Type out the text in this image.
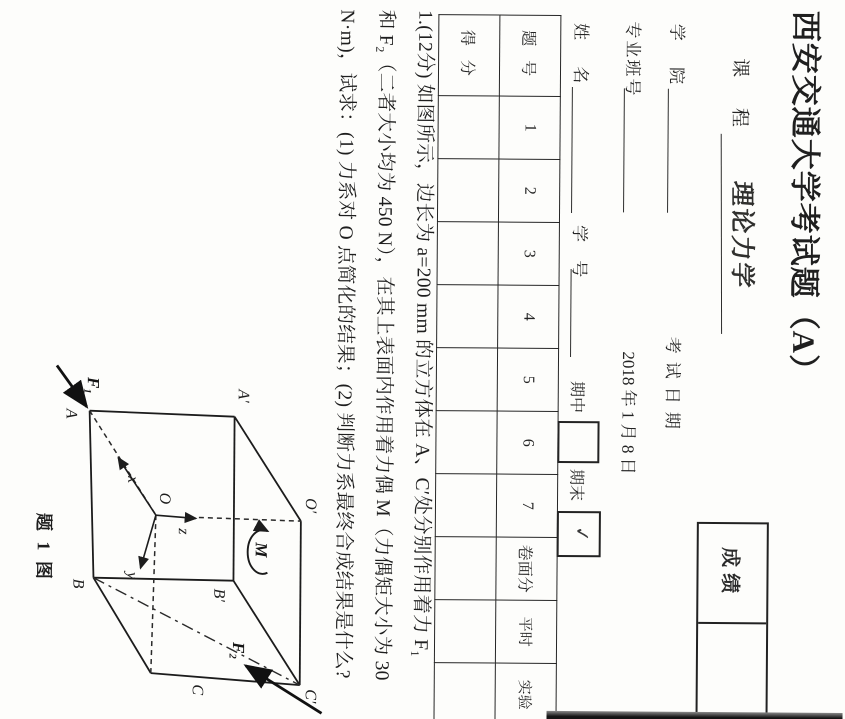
西安交通大学考试题（A）
成绩
课 程
理论力学
学 院
考试日期
专业班号
2018 年 1 月 8 日
姓 名
学 号
期中
期末
✓
题 号	1	2	3	4	5	6	7	卷面分	平时	实验
得 分										
1.(12分) 如图所示，边长为 a=200 mm 的立方体在 A、C′处分别作用着力 F₁
和 F₂（二者大小均为 450 N），在其上表面内作用着力偶 M（力偶矩大小为 30
N·m)，试求：(1) 力系对 O 点简化的结果；(2) 判断力系最终合成结果是什么?
A
A′
B
B′
C	C′
O	O′
x
y
z
F₁
F₂
M
题 1 图
